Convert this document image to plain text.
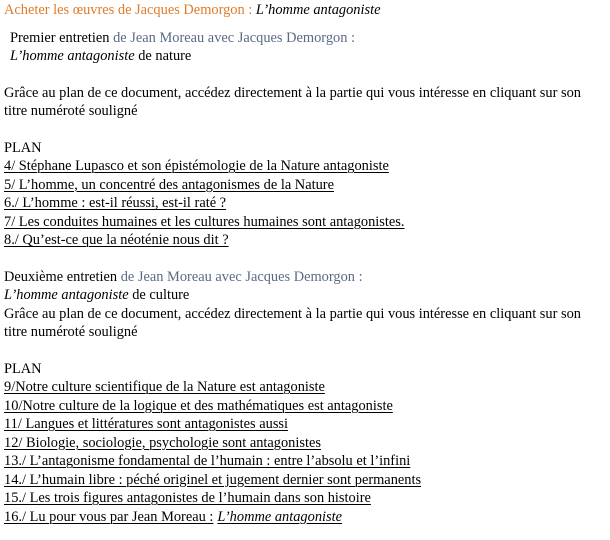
Acheter les œuvres de Jacques Demorgon : L’homme antagoniste
Premier entretien de Jean Moreau avec Jacques Demorgon :
L’homme antagoniste de nature
Grâce au plan de ce document, accédez directement à la partie qui vous intéresse en cliquant sur son titre numéroté souligné
PLAN
4/ Stéphane Lupasco et son épistémologie de la Nature antagoniste
5/ L’homme, un concentré des antagonismes de la Nature
6./ L’homme : est-il réussi, est-il raté ?
7/ Les conduites humaines et les cultures humaines sont antagonistes.
8./ Qu’est-ce que la néoténie nous dit ?
Deuxième entretien de Jean Moreau avec Jacques Demorgon :
L’homme antagoniste de culture
Grâce au plan de ce document, accédez directement à la partie qui vous intéresse en cliquant sur son titre numéroté souligné
PLAN
9/Notre culture scientifique de la Nature est antagoniste
10/Notre culture de la logique et des mathématiques est antagoniste
11/ Langues et littératures sont antagonistes aussi
12/ Biologie, sociologie, psychologie sont antagonistes
13./ L’antagonisme fondamental de l’humain : entre l’absolu et l’infini
14./ L’humain libre : péché originel et jugement dernier sont permanents
15./ Les trois figures antagonistes de l’humain dans son histoire
16./ Lu pour vous par Jean Moreau : L’homme antagoniste
